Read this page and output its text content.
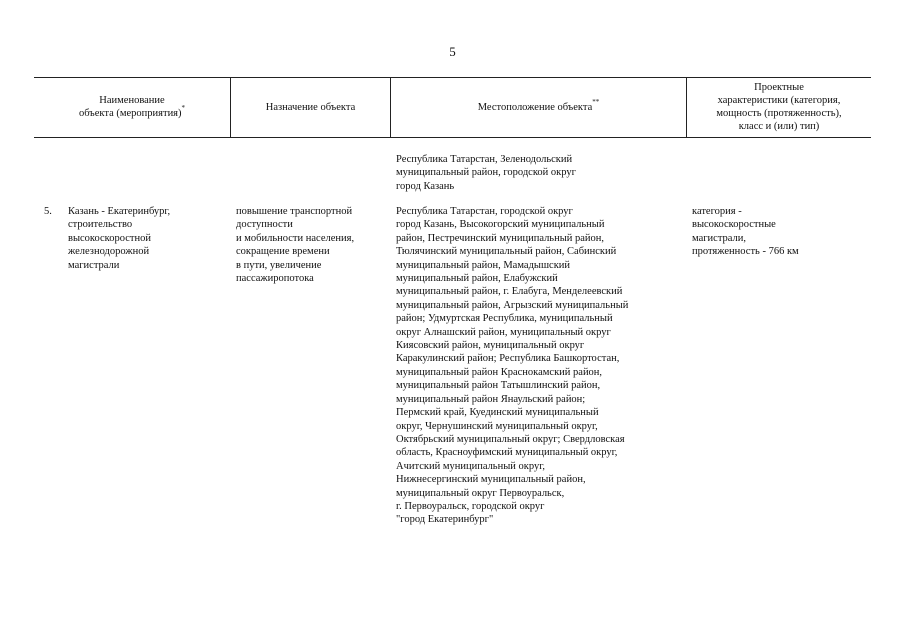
5
Наименование
объекта (мероприятия)*	Назначение объекта	Местоположение объекта**
Проектные
характеристики (категория,
мощность (протяженность),
класс и (или) тип)
Республика Татарстан, Зеленодольский
муниципальный район, городской округ
город Казань
5. Казань - Екатеринбург,
строительство
высокоскоростной
железнодорожной
магистрали
повышение транспортной
доступности
и мобильности населения,
сокращение времени
в пути, увеличение
пассажиропотока
Республика Татарстан, городской округ
город Казань, Высокогорский муниципальный
район, Пестречинский муниципальный район,
Тюлячинский муниципальный район, Сабинский
муниципальный район, Мамадышский
муниципальный район, Елабужский
муниципальный район, г. Елабуга, Менделеевский
муниципальный район, Агрызский муниципальный
район; Удмуртская Республика, муниципальный
округ Алнашский район, муниципальный округ
Киясовский район, муниципальный округ
Каракулинский район; Республика Башкортостан,
муниципальный район Краснокамский район,
муниципальный район Татышлинский район,
муниципальный район Янаульский район;
Пермский край, Куединский муниципальный
округ, Чернушинский муниципальный округ,
Октябрьский муниципальный округ; Свердловская
область, Красноуфимский муниципальный округ,
Ачитский муниципальный округ,
Нижнесергинский муниципальный район,
муниципальный округ Первоуральск,
г. Первоуральск, городской округ
"город Екатеринбург"
категория -
высокоскоростные
магистрали,
протяженность - 766 км
